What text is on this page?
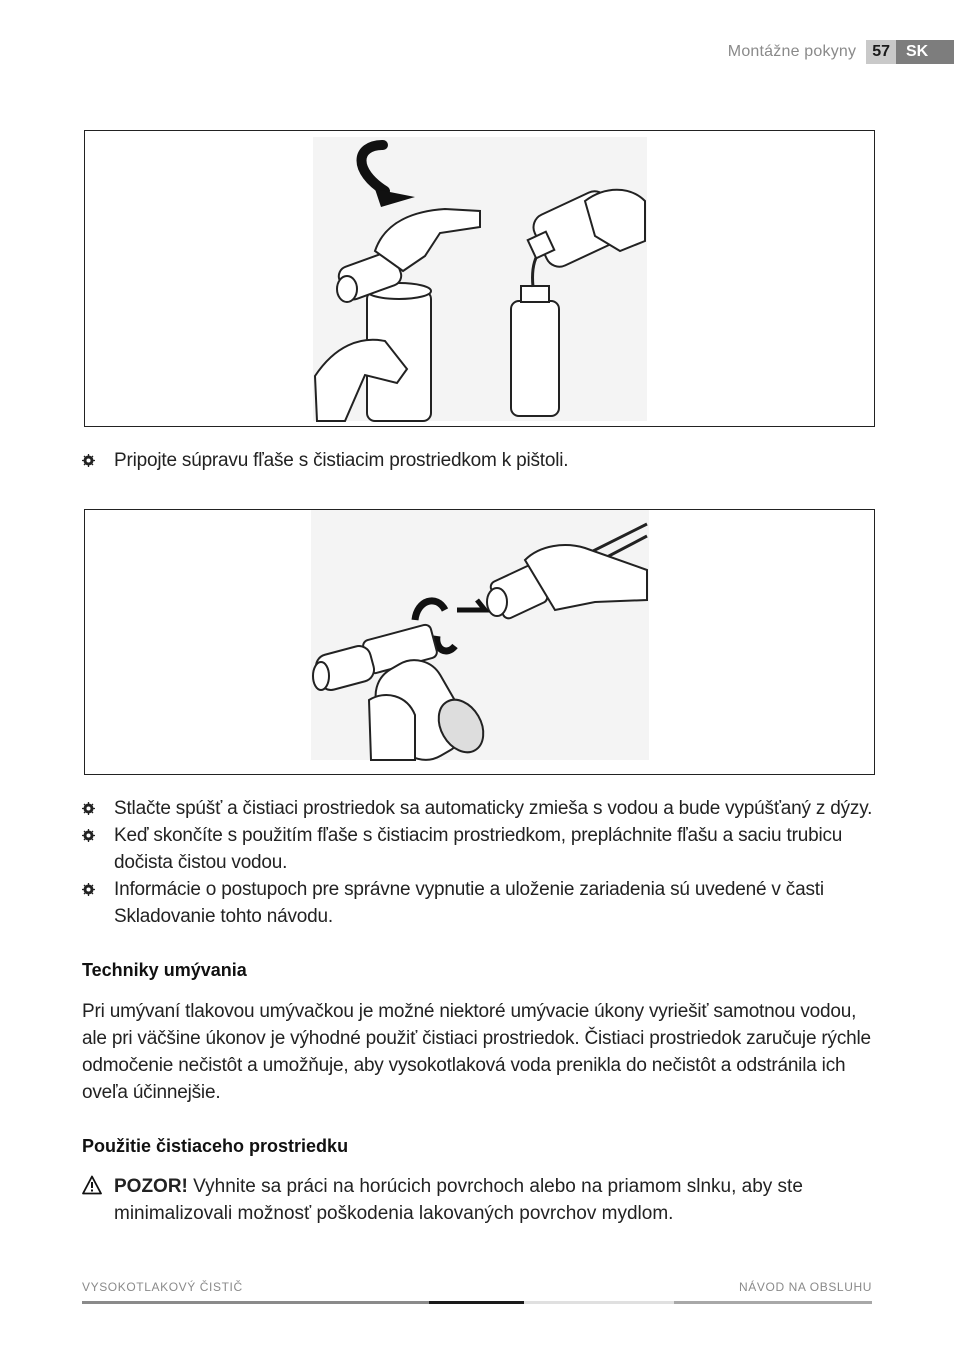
Montážne pokyny	57	SK
Pripojte súpravu fľaše s čistiacim prostriedkom k pištoli.
Stlačte spúšť a čistiaci prostriedok sa automaticky zmieša s vodou a bude vypúšťaný z dýzy.
Keď skončíte s použitím fľaše s čistiacim prostriedkom, prepláchnite fľašu a saciu trubicu dočista čistou vodou.
Informácie o postupoch pre správne vypnutie a uloženie zariadenia sú uvedené v časti Skladovanie tohto návodu.
Techniky umývania

Pri umývaní tlakovou umývačkou je možné niektoré umývacie úkony vyriešiť samotnou vodou, ale pri väčšine úkonov je výhodné použiť čistiaci prostriedok. Čistiaci prostriedok zaručuje rýchle odmočenie nečistôt a umožňuje, aby vysokotlaková voda prenikla do nečistôt a odstránila ich oveľa účinnejšie.

Použitie čistiaceho prostriedku
POZOR! Vyhnite sa práci na horúcich povrchoch alebo na priamom slnku, aby ste minimalizovali možnosť poškodenia lakovaných povrchov mydlom.
VYSOKOTLAKOVÝ ČISTIČ	NÁVOD NA OBSLUHU
